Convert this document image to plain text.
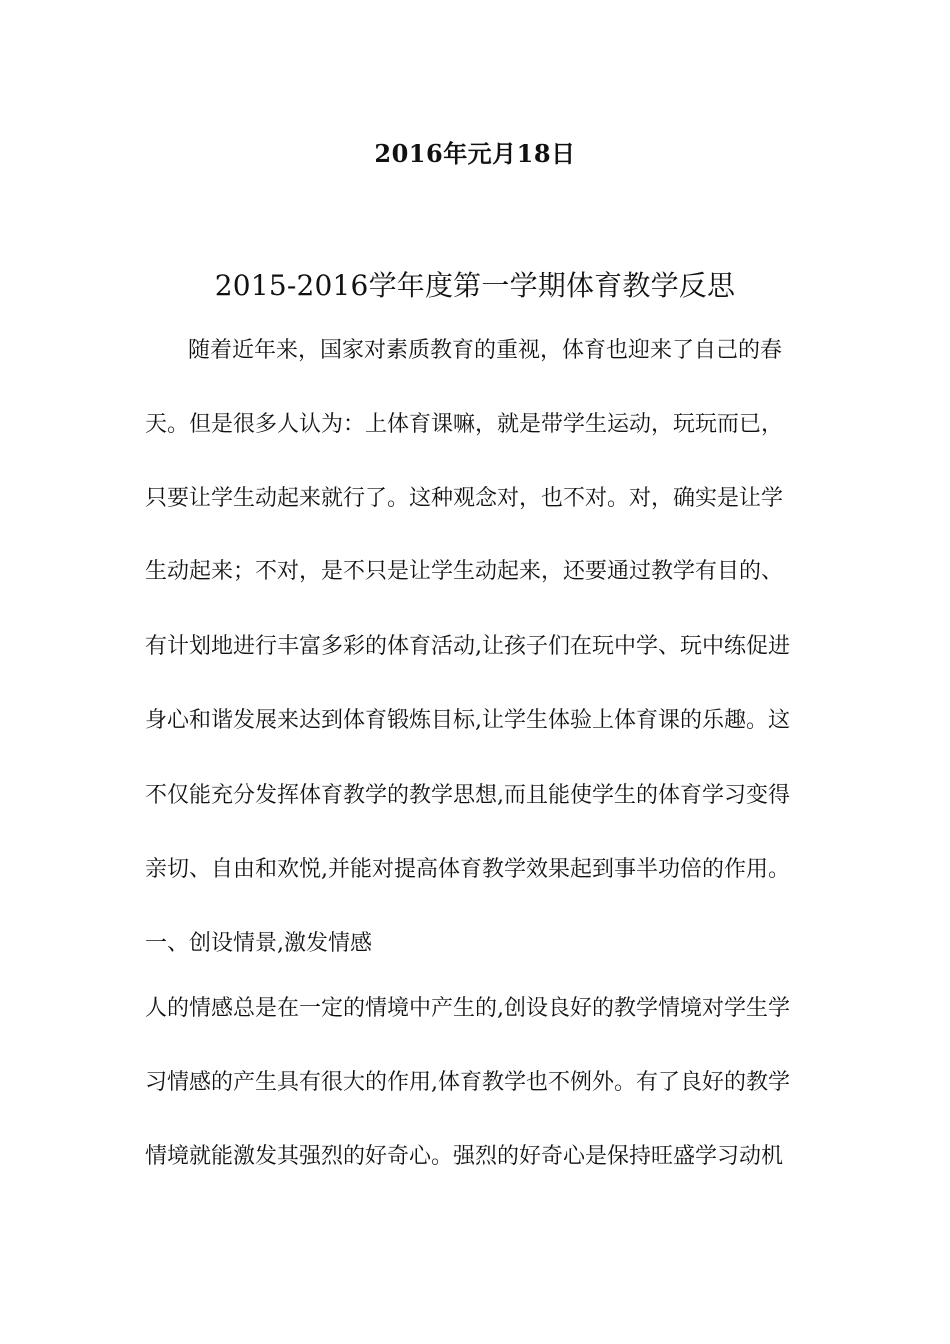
2016年元月18日
2015-2016学年度第一学期体育教学反思
随着近年来，国家对素质教育的重视，体育也迎来了自己的春
天。但是很多人认为：上体育课嘛，就是带学生运动，玩玩而已，
只要让学生动起来就行了。这种观念对，也不对。对，确实是让学
生动起来；不对，是不只是让学生动起来，还要通过教学有目的、
有计划地进行丰富多彩的体育活动,让孩子们在玩中学、玩中练促进
身心和谐发展来达到体育锻炼目标,让学生体验上体育课的乐趣。这
不仅能充分发挥体育教学的教学思想,而且能使学生的体育学习变得
亲切、自由和欢悦,并能对提高体育教学效果起到事半功倍的作用。
一、创设情景,激发情感
人的情感总是在一定的情境中产生的,创设良好的教学情境对学生学
习情感的产生具有很大的作用,体育教学也不例外。有了良好的教学
情境就能激发其强烈的好奇心。强烈的好奇心是保持旺盛学习动机
